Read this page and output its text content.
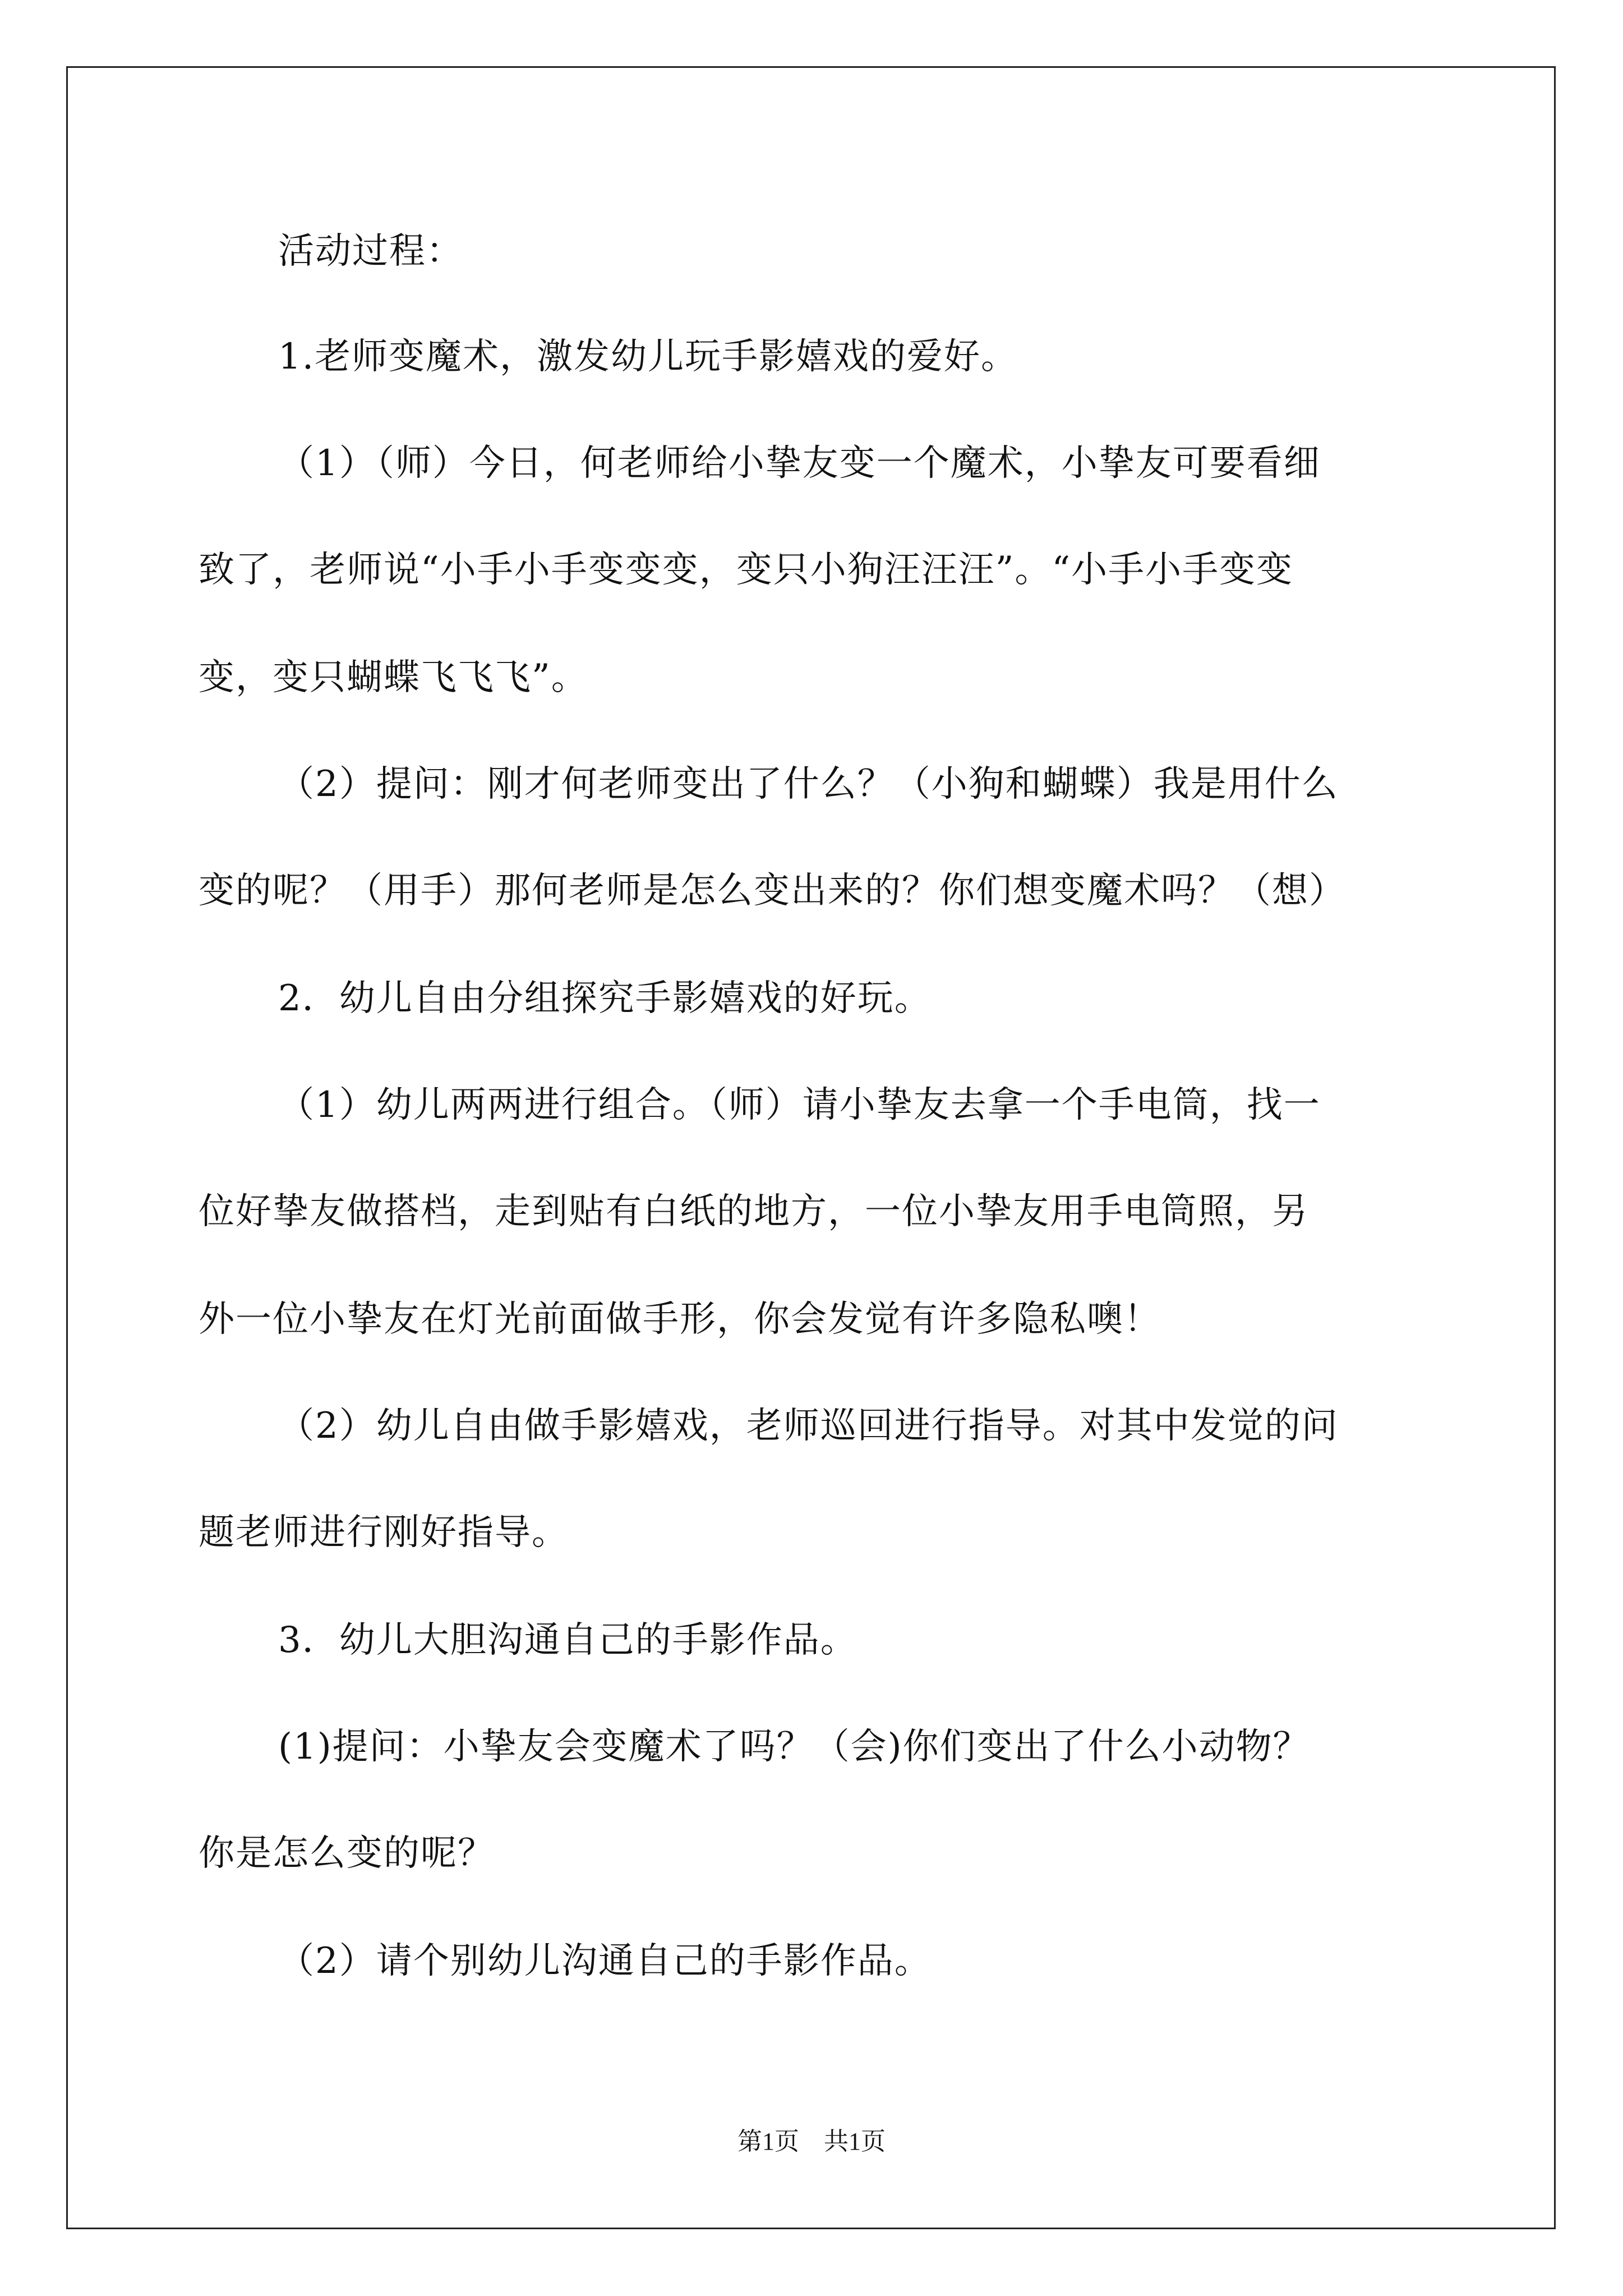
活动过程：
1.老师变魔术，激发幼儿玩手影嬉戏的爱好。
（1）（师）今日，何老师给小挚友变一个魔术，小挚友可要看细
致了，老师说“小手小手变变变，变只小狗汪汪汪”。“小手小手变变
变，变只蝴蝶飞飞飞”。
（2）提问：刚才何老师变出了什么？（小狗和蝴蝶）我是用什么
变的呢？（用手）那何老师是怎么变出来的？你们想变魔术吗？（想）
2．幼儿自由分组探究手影嬉戏的好玩。
（1）幼儿两两进行组合。（师）请小挚友去拿一个手电筒，找一
位好挚友做搭档，走到贴有白纸的地方，一位小挚友用手电筒照，另
外一位小挚友在灯光前面做手形，你会发觉有许多隐私噢！
（2）幼儿自由做手影嬉戏，老师巡回进行指导。对其中发觉的问
题老师进行刚好指导。
3．幼儿大胆沟通自己的手影作品。
(1)提问：小挚友会变魔术了吗？（会)你们变出了什么小动物？
你是怎么变的呢？
（2）请个别幼儿沟通自己的手影作品。
第1页　共1页
